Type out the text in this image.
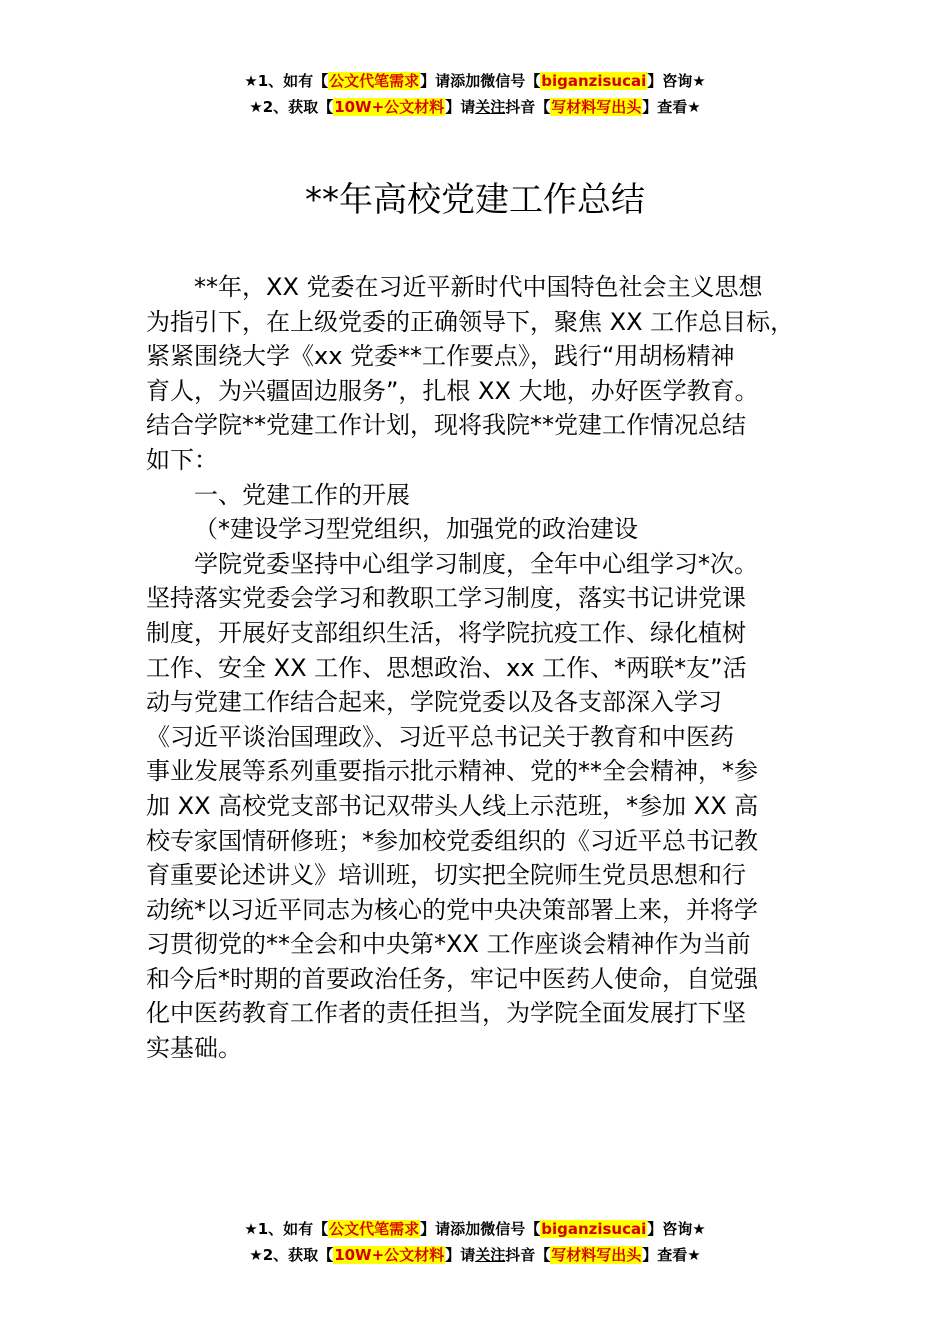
★1、如有【公文代笔需求】请添加微信号【biganzisucai】咨询★
★2、获取【10W+公文材料】请关注抖音【写材料写出头】查看★
**年高校党建工作总结
**年，XX 党委在习近平新时代中国特色社会主义思想
为指引下，在上级党委的正确领导下，聚焦 XX 工作总目标，
紧紧围绕大学《xx 党委**工作要点》，践行“用胡杨精神
育人，为兴疆固边服务”，扎根 XX 大地，办好医学教育。
结合学院**党建工作计划，现将我院**党建工作情况总结
如下：
一、党建工作的开展
（*建设学习型党组织，加强党的政治建设
学院党委坚持中心组学习制度，全年中心组学习*次。
坚持落实党委会学习和教职工学习制度，落实书记讲党课
制度，开展好支部组织生活，将学院抗疫工作、绿化植树
工作、安全 XX 工作、思想政治、xx 工作、*两联*友”活
动与党建工作结合起来，学院党委以及各支部深入学习
《习近平谈治国理政》、习近平总书记关于教育和中医药
事业发展等系列重要指示批示精神、党的**全会精神，*参
加 XX 高校党支部书记双带头人线上示范班，*参加 XX 高
校专家国情研修班；*参加校党委组织的《习近平总书记教
育重要论述讲义》培训班，切实把全院师生党员思想和行
动统*以习近平同志为核心的党中央决策部署上来，并将学
习贯彻党的**全会和中央第*XX 工作座谈会精神作为当前
和今后*时期的首要政治任务，牢记中医药人使命，自觉强
化中医药教育工作者的责任担当，为学院全面发展打下坚
实基础。
★1、如有【公文代笔需求】请添加微信号【biganzisucai】咨询★
★2、获取【10W+公文材料】请关注抖音【写材料写出头】查看★
